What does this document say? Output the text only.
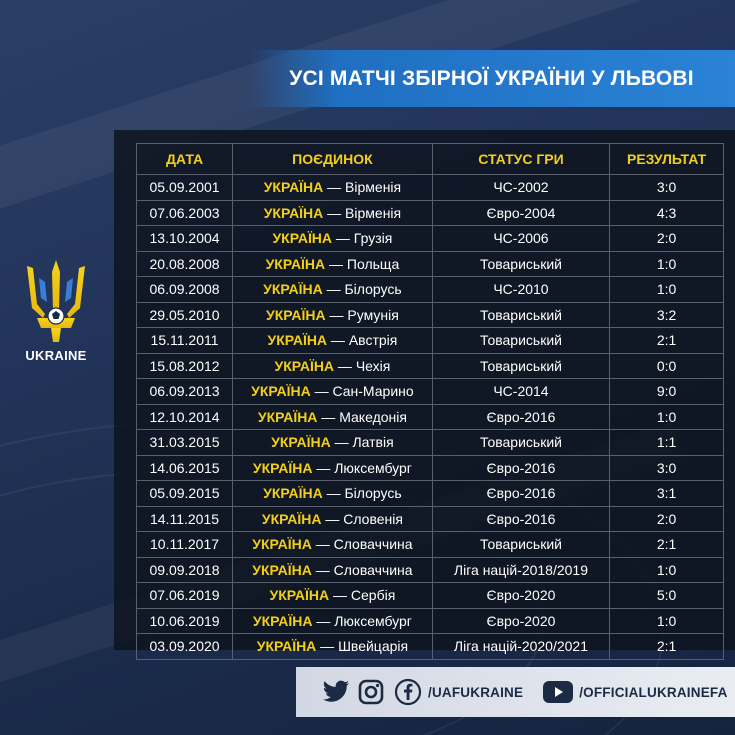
УСІ МАТЧІ ЗБІРНОЇ УКРАЇНИ У ЛЬВОВІ
UKRAINE
ДАТА	ПОЄДИНОК	СТАТУС ГРИ	РЕЗУЛЬТАТ
05.09.2001	УКРАЇНА — Вірменія	ЧС-2002	3:0
07.06.2003	УКРАЇНА — Вірменія	Євро-2004	4:3
13.10.2004	УКРАЇНА — Грузія	ЧС-2006	2:0
20.08.2008	УКРАЇНА — Польща	Товариський	1:0
06.09.2008	УКРАЇНА — Білорусь	ЧС-2010	1:0
29.05.2010	УКРАЇНА — Румунія	Товариський	3:2
15.11.2011	УКРАЇНА — Австрія	Товариський	2:1
15.08.2012	УКРАЇНА — Чехія	Товариський	0:0
06.09.2013	УКРАЇНА — Сан-Марино	ЧС-2014	9:0
12.10.2014	УКРАЇНА — Македонія	Євро-2016	1:0
31.03.2015	УКРАЇНА — Латвія	Товариський	1:1
14.06.2015	УКРАЇНА — Люксембург	Євро-2016	3:0
05.09.2015	УКРАЇНА — Білорусь	Євро-2016	3:1
14.11.2015	УКРАЇНА — Словенія	Євро-2016	2:0
10.11.2017	УКРАЇНА — Словаччина	Товариський	2:1
09.09.2018	УКРАЇНА — Словаччина	Ліга націй-2018/2019	1:0
07.06.2019	УКРАЇНА — Сербія	Євро-2020	5:0
10.06.2019	УКРАЇНА — Люксембург	Євро-2020	1:0
03.09.2020	УКРАЇНА — Швейцарія	Ліга націй-2020/2021	2:1
/UAFUKRAINE	/OFFICIALUKRAINEFA
